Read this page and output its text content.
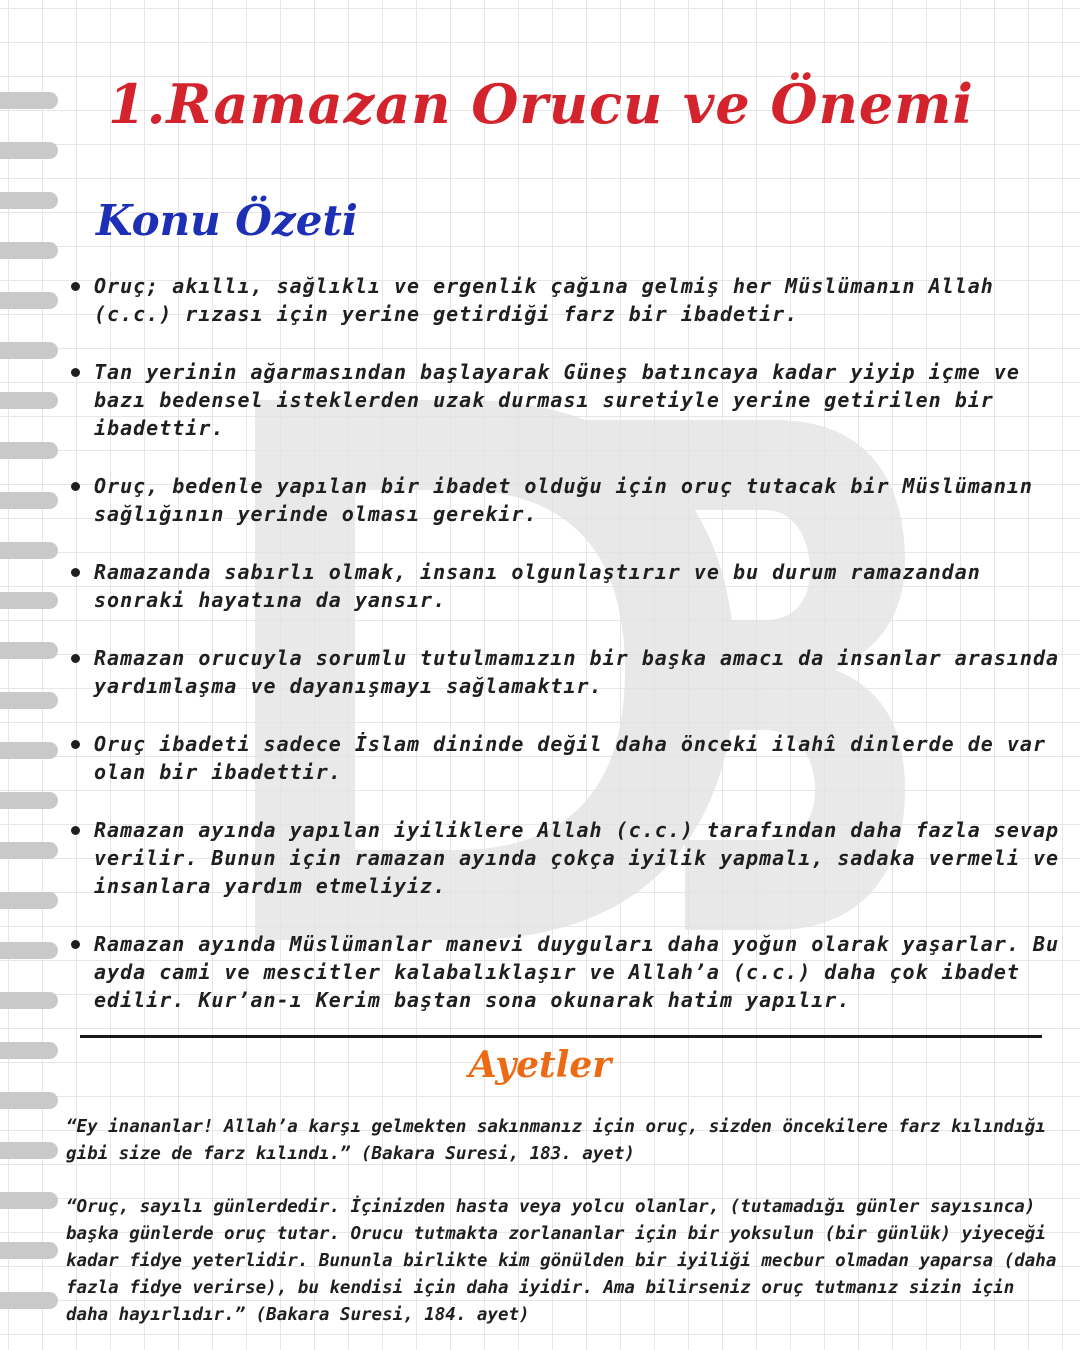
1.Ramazan Orucu ve Önemi
Konu Özeti
Oruç; akıllı, sağlıklı ve ergenlik çağına gelmiş her Müslümanın Allah (c.c.) rızası için yerine getirdiği farz bir ibadetir.
Tan yerinin ağarmasından başlayarak Güneş batıncaya kadar yiyip içme ve bazı bedensel isteklerden uzak durması suretiyle yerine getirilen bir ibadettir.
Oruç, bedenle yapılan bir ibadet olduğu için oruç tutacak bir Müslümanın sağlığının yerinde olması gerekir.
Ramazanda sabırlı olmak, insanı olgunlaştırır ve bu durum ramazandan sonraki hayatına da yansır.
Ramazan orucuyla sorumlu tutulmamızın bir başka amacı da insanlar arasında yardımlaşma ve dayanışmayı sağlamaktır.
Oruç ibadeti sadece İslam dininde değil daha önceki ilahî dinlerde de var olan bir ibadettir.
Ramazan ayında yapılan iyiliklere Allah (c.c.) tarafından daha fazla sevap verilir. Bunun için ramazan ayında çokça iyilik yapmalı, sadaka vermeli ve insanlara yardım etmeliyiz.
Ramazan ayında Müslümanlar manevi duyguları daha yoğun olarak yaşarlar. Bu ayda cami ve mescitler kalabalıklaşır ve Allah’a (c.c.) daha çok ibadet edilir. Kur’an-ı Kerim baştan sona okunarak hatim yapılır.
Ayetler

“Ey inananlar! Allah’a karşı gelmekten sakınmanız için oruç, sizden öncekilere farz kılındığı gibi size de farz kılındı.” (Bakara Suresi, 183. ayet)

“Oruç, sayılı günlerdedir. İçinizden hasta veya yolcu olanlar, (tutamadığı günler sayısınca) başka günlerde oruç tutar. Orucu tutmakta zorlananlar için bir yoksulun (bir günlük) yiyeceği kadar fidye yeterlidir. Bununla birlikte kim gönülden bir iyiliği mecbur olmadan yaparsa (daha fazla fidye verirse), bu kendisi için daha iyidir. Ama bilirseniz oruç tutmanız sizin için daha hayırlıdır.” (Bakara Suresi, 184. ayet)
